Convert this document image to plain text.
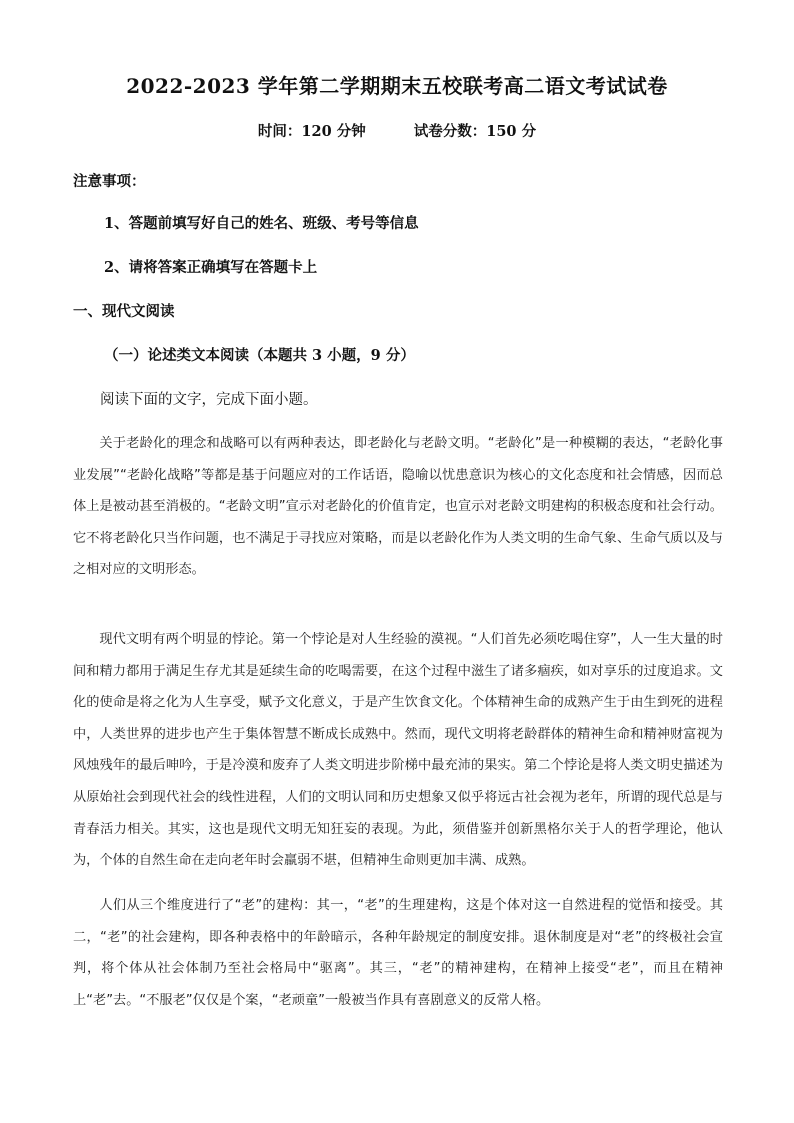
2022-2023 学年第二学期期末五校联考高二语文考试试卷
时间：120 分钟	试卷分数：150 分
注意事项：
1、答题前填写好自己的姓名、班级、考号等信息
2、请将答案正确填写在答题卡上
一、现代文阅读
（一）论述类文本阅读（本题共 3 小题，9 分）
阅读下面的文字，完成下面小题。
关于老龄化的理念和战略可以有两种表达，即老龄化与老龄文明。“老龄化”是一种模糊的表达，“老龄化事业发展”“老龄化战略”等都是基于问题应对的工作话语，隐喻以忧患意识为核心的文化态度和社会情感，因而总体上是被动甚至消极的。“老龄文明”宣示对老龄化的价值肯定，也宣示对老龄文明建构的积极态度和社会行动。它不将老龄化只当作问题，也不满足于寻找应对策略，而是以老龄化作为人类文明的生命气象、生命气质以及与之相对应的文明形态。
现代文明有两个明显的悖论。第一个悖论是对人生经验的漠视。“人们首先必须吃喝住穿”，人一生大量的时间和精力都用于满足生存尤其是延续生命的吃喝需要，在这个过程中滋生了诸多痼疾，如对享乐的过度追求。文化的使命是将之化为人生享受，赋予文化意义，于是产生饮食文化。个体精神生命的成熟产生于由生到死的进程中，人类世界的进步也产生于集体智慧不断成长成熟中。然而，现代文明将老龄群体的精神生命和精神财富视为风烛残年的最后呻吟，于是冷漠和废弃了人类文明进步阶梯中最充沛的果实。第二个悖论是将人类文明史描述为从原始社会到现代社会的线性进程，人们的文明认同和历史想象又似乎将远古社会视为老年，所谓的现代总是与青春活力相关。其实，这也是现代文明无知狂妄的表现。为此，须借鉴并创新黑格尔关于人的哲学理论，他认为，个体的自然生命在走向老年时会羸弱不堪，但精神生命则更加丰满、成熟。
人们从三个维度进行了“老”的建构：其一，“老”的生理建构，这是个体对这一自然进程的觉悟和接受。其二，“老”的社会建构，即各种表格中的年龄暗示，各种年龄规定的制度安排。退休制度是对“老”的终极社会宣判，将个体从社会体制乃至社会格局中“驱离”。其三，“老”的精神建构，在精神上接受“老”，而且在精神上“老”去。“不服老”仅仅是个案，“老顽童”一般被当作具有喜剧意义的反常人格。
